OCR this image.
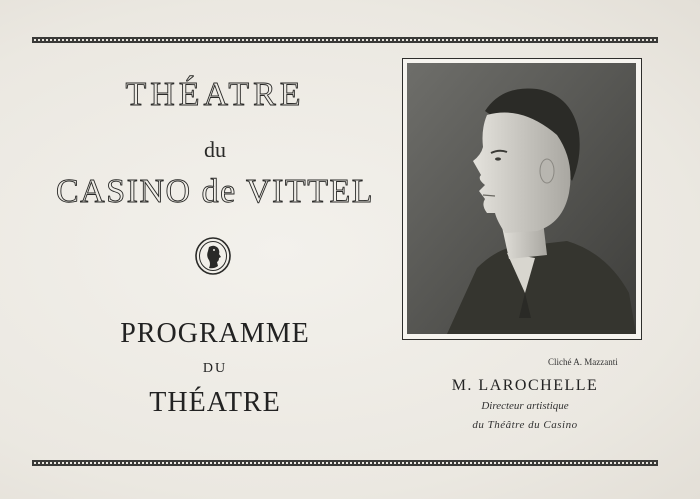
THÉATRE
du
CASINO de VITTEL
PROGRAMME
DU
THÉATRE
Cliché A. Mazzanti
M. LAROCHELLE
Directeur artistique
du Théâtre du Casino
